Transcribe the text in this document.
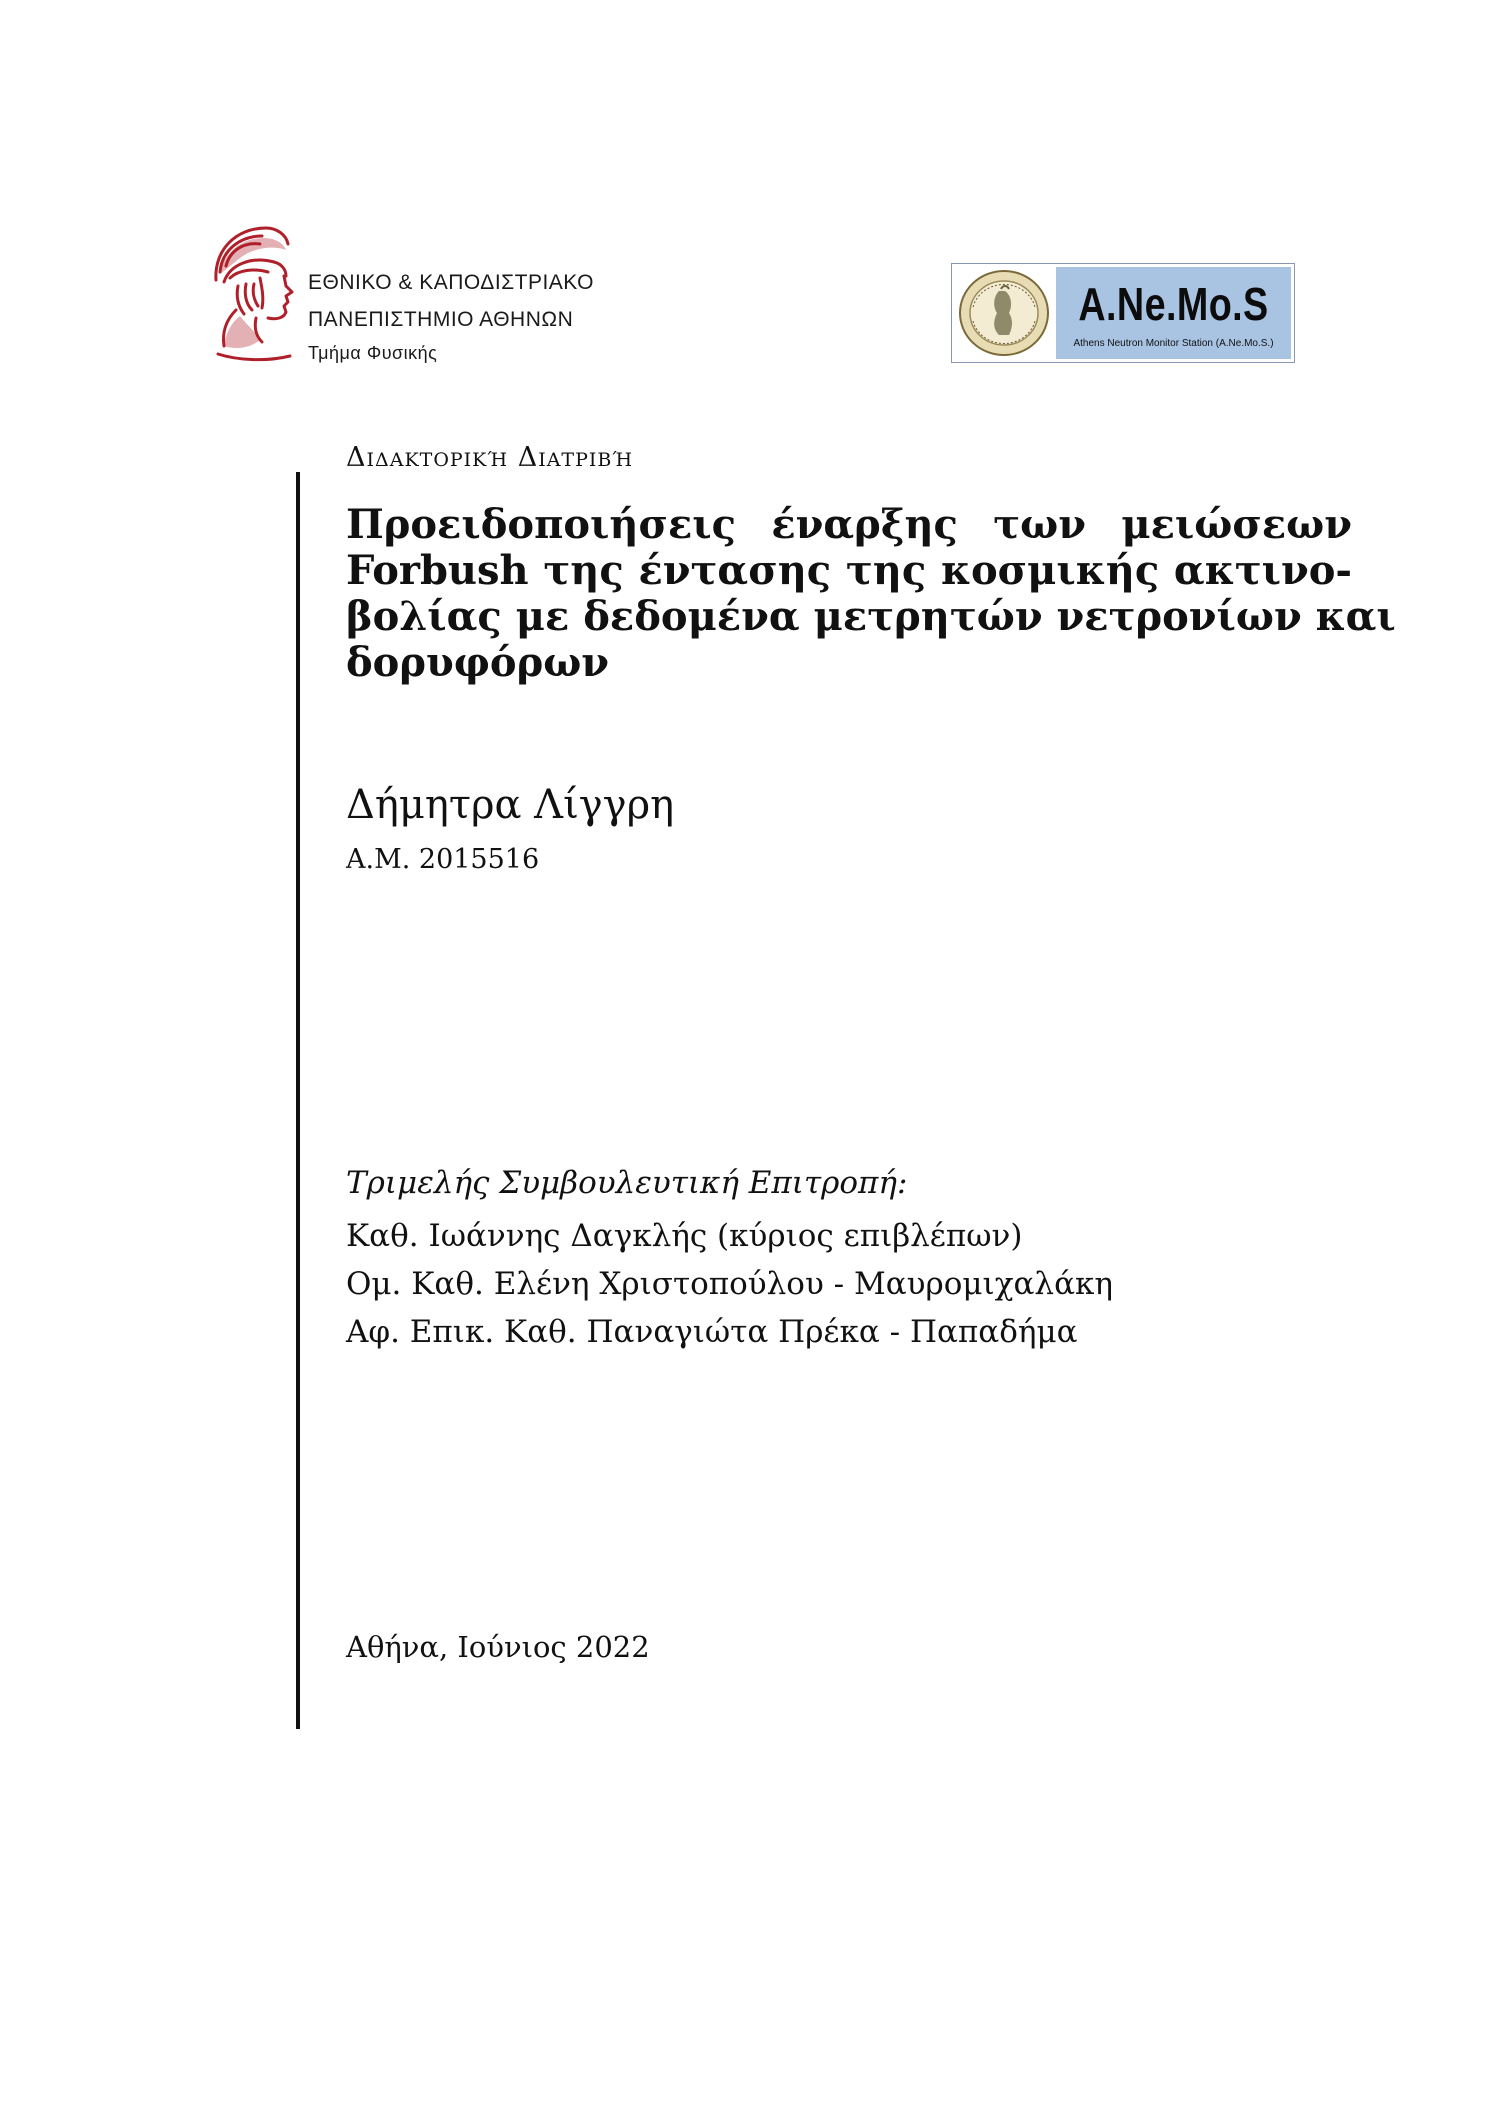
ΕΘΝΙΚΟ & ΚΑΠΟΔΙΣΤΡΙΑΚΟ
ΠΑΝΕΠΙΣΤΗΜΙΟ ΑΘΗΝΩΝ
Τμήμα Φυσικής
A.Ne.Mo.S
Athens Neutron Monitor Station (A.Ne.Mo.S.)
Διδακτορική Διατριβή
Προειδοποιήσεις έναρξης των μειώσεων
Forbush της έντασης της κοσμικής ακτινο-
βολίας με δεδομένα μετρητών νετρονίων και
δορυφόρων
Δήμητρα Λίγγρη
Α.Μ. 2015516
Τριμελής Συμβουλευτική Επιτροπή:
Καθ. Ιωάννης Δαγκλής (κύριος επιβλέπων)
Ομ. Καθ. Ελένη Χριστοπούλου - Μαυρομιχαλάκη
Αφ. Επικ. Καθ. Παναγιώτα Πρέκα - Παπαδήμα
Αθήνα, Ιούνιος 2022
